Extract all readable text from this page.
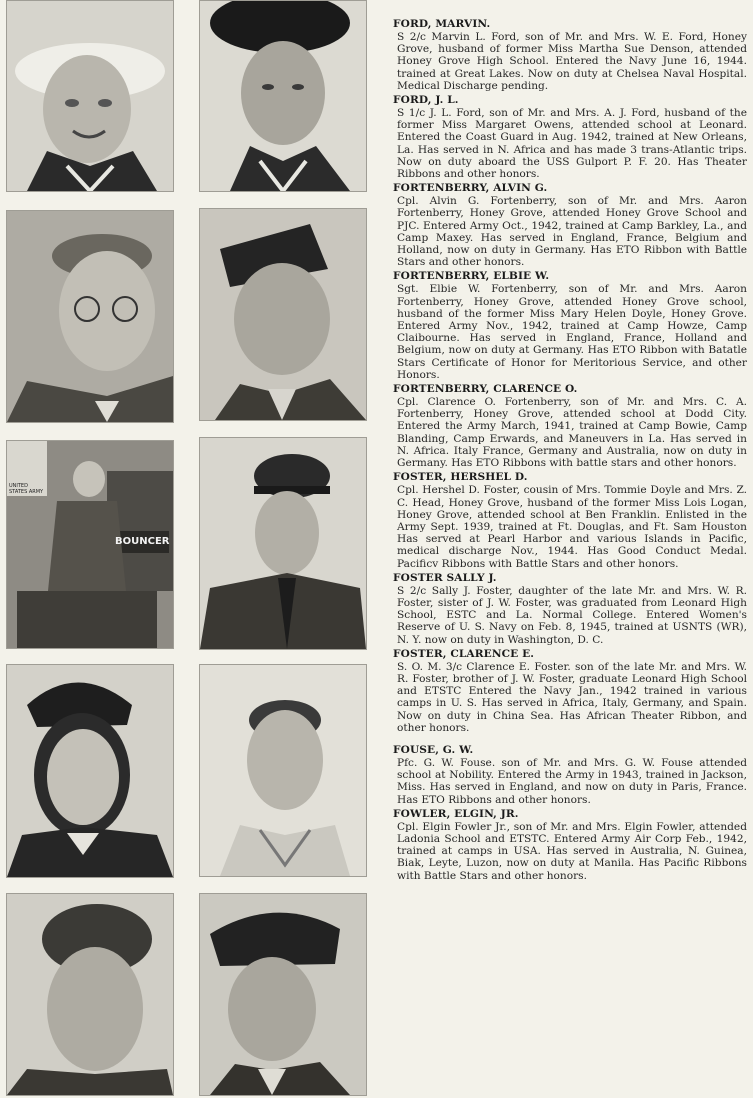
BOUNCER
UNITED STATES ARMY
FORD, MARVIN.
S 2/c Marvin L. Ford, son of Mr. and Mrs. W. E. Ford, Honey Grove, husband of former Miss Martha Sue Denson, attended Honey Grove High School. Entered the Navy June 16, 1944. trained at Great Lakes. Now on duty at Chelsea Naval Hospital. Medical Discharge pending.
FORD, J. L.
S 1/c J. L. Ford, son of Mr. and Mrs. A. J. Ford, husband of the former Miss Margaret Owens, attended school at Leonard. Entered the Coast Guard in Aug. 1942, trained at New Orleans, La. Has served in N. Africa and has made 3 trans-Atlantic trips. Now on duty aboard the USS Gulport P. F. 20. Has Theater Ribbons and other honors.
FORTENBERRY, ALVIN G.
Cpl. Alvin G. Fortenberry, son of Mr. and Mrs. Aaron Fortenberry, Honey Grove, attended Honey Grove School and PJC. Entered Army Oct., 1942, trained at Camp Barkley, La., and Camp Maxey. Has served in England, France, Belgium and Holland, now on duty in Germany. Has ETO Ribbon with Battle Stars and other honors.
FORTENBERRY, ELBIE W.
Sgt. Elbie W. Fortenberry, son of Mr. and Mrs. Aaron Fortenberry, Honey Grove, attended Honey Grove school, husband of the former Miss Mary Helen Doyle, Honey Grove. Entered Army Nov., 1942, trained at Camp Howze, Camp Claibourne. Has served in England, France, Holland and Belgium, now on duty at Germany. Has ETO Ribbon with Batatle Stars Certificate of Honor for Meritorious Service, and other Honors.
FORTENBERRY, CLARENCE O.
Cpl. Clarence O. Fortenberry, son of Mr. and Mrs. C. A. Fortenberry, Honey Grove, attended school at Dodd City. Entered the Army March, 1941, trained at Camp Bowie, Camp Blanding, Camp Erwards, and Maneuvers in La. Has served in N. Africa. Italy France, Germany and Australia, now on duty in Germany. Has ETO Ribbons with battle stars and other honors.
FOSTER, HERSHEL D.
Cpl. Hershel D. Foster, cousin of Mrs. Tommie Doyle and Mrs. Z. C. Head, Honey Grove, husband of the former Miss Lois Logan, Honey Grove, attended school at Ben Franklin. Enlisted in the Army Sept. 1939, trained at Ft. Douglas, and Ft. Sam Houston Has served at Pearl Harbor and various Islands in Pacific, medical discharge Nov., 1944. Has Good Conduct Medal. Pacificv Ribbons with Battle Stars and other honors.
FOSTER SALLY J.
S 2/c Sally J. Foster, daughter of the late Mr. and Mrs. W. R. Foster, sister of J. W. Foster, was graduated from Leonard High School, ESTC and La. Normal College. Entered Women's Reserve of U. S. Navy on Feb. 8, 1945, trained at USNTS (WR), N. Y. now on duty in Washington, D. C.
FOSTER, CLARENCE E.
S. O. M. 3/c Clarence E. Foster. son of the late Mr. and Mrs. W. R. Foster, brother of J. W. Foster, graduate Leonard High School and ETSTC Entered the Navy Jan., 1942 trained in various camps in U. S. Has served in Africa, Italy, Germany, and Spain. Now on duty in China Sea. Has African Theater Ribbon, and other honors.
FOUSE, G. W.
Pfc. G. W. Fouse. son of Mr. and Mrs. G. W. Fouse attended school at Nobility. Entered the Army in 1943, trained in Jackson, Miss. Has served in England, and now on duty in Paris, France. Has ETO Ribbons and other honors.
FOWLER, ELGIN, JR.
Cpl. Elgin Fowler Jr., son of Mr. and Mrs. Elgin Fowler, attended Ladonia School and ETSTC. Entered Army Air Corp Feb., 1942, trained at camps in USA. Has served in Australia, N. Guinea, Biak, Leyte, Luzon, now on duty at Manila. Has Pacific Ribbons with Battle Stars and other honors.
